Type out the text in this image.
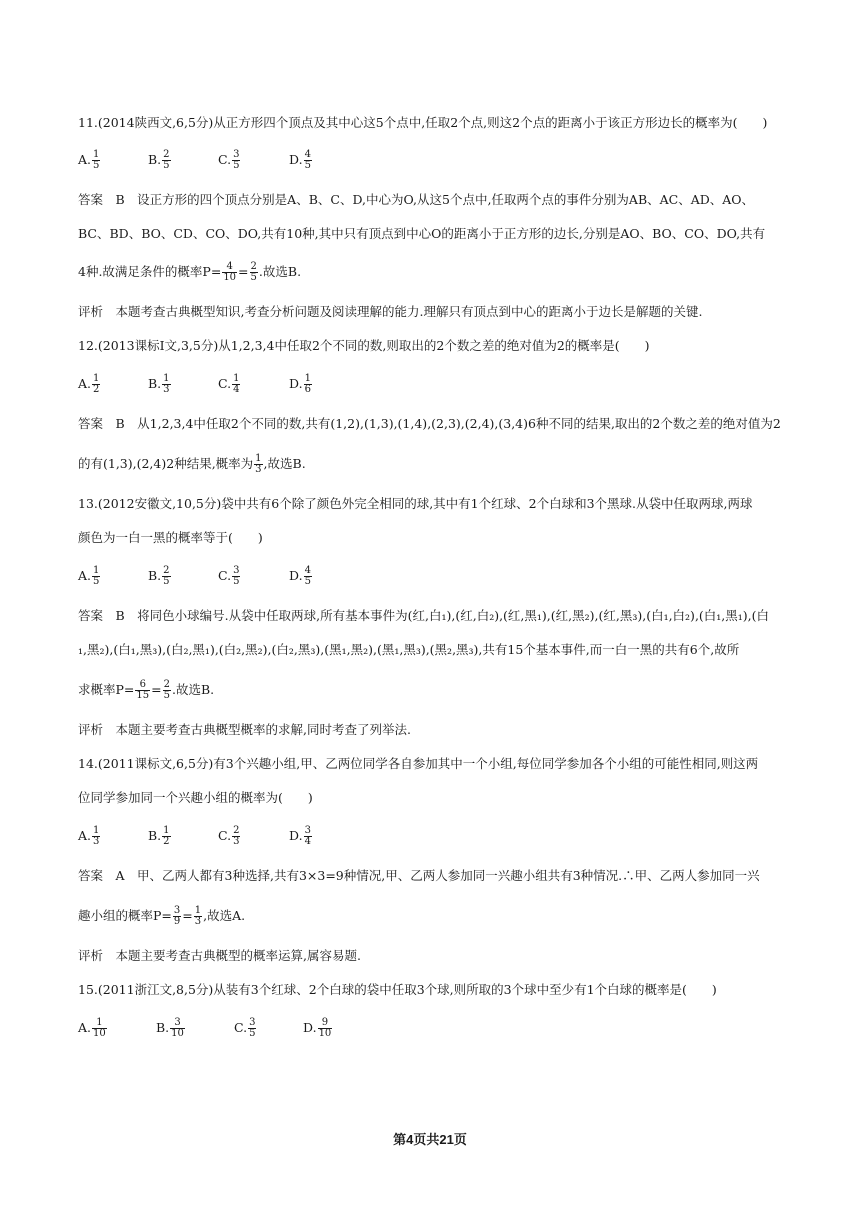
11.(2014陕西文,6,5分)从正方形四个顶点及其中心这5个点中,任取2个点,则这2个点的距离小于该正方形边长的概率为(　　)
A. $\frac{1}{5}$	B. $\frac{2}{5}$	C. $\frac{3}{5}$	D. $\frac{4}{5}$
答案　B　设正方形的四个顶点分别是A、B、C、D,中心为O,从这5个点中,任取两个点的事件分别为AB、AC、AD、AO、
BC、BD、BO、CD、CO、DO,共有10种,其中只有顶点到中心O的距离小于正方形的边长,分别是AO、BO、CO、DO,共有
4种.故满足条件的概率$P= \frac{4}{10} = \frac{2}{5}$ .故选B.
评析　本题考查古典概型知识,考查分析问题及阅读理解的能力.理解只有顶点到中心的距离小于边长是解题的关键.
12.(2013课标Ⅰ文,3,5分)从1,2,3,4中任取2个不同的数,则取出的2个数之差的绝对值为2的概率是(　　)
A. $\frac{1}{2}$	B. $\frac{1}{3}$	C. $\frac{1}{4}$	D. $\frac{1}{6}$
答案　B　从1,2,3,4中任取2个不同的数,共有(1,2),(1,3),(1,4),(2,3),(2,4),(3,4)6种不同的结果,取出的2个数之差的绝对值为2
的有(1,3),(2,4)2种结果,概率为 $\frac{1}{3}$ ,故选B.
13.(2012安徽文,10,5分)袋中共有6个除了颜色外完全相同的球,其中有1个红球、2个白球和3个黑球.从袋中任取两球,两球
颜色为一白一黑的概率等于(　　)
A. $\frac{1}{5}$	B. $\frac{2}{5}$	C. $\frac{3}{5}$	D. $\frac{4}{5}$
答案　B　将同色小球编号.从袋中任取两球,所有基本事件为(红,白₁),(红,白₂),(红,黑₁),(红,黑₂),(红,黑₃),(白₁,白₂),(白₁,黑₁),(白
₁,黑₂),(白₁,黑₃),(白₂,黑₁),(白₂,黑₂),(白₂,黑₃),(黑₁,黑₂),(黑₁,黑₃),(黑₂,黑₃),共有15个基本事件,而一白一黑的共有6个,故所
求概率$P= \frac{6}{15} = \frac{2}{5}$ .故选B.
评析　本题主要考查古典概型概率的求解,同时考查了列举法.
14.(2011课标文,6,5分)有3个兴趣小组,甲、乙两位同学各自参加其中一个小组,每位同学参加各个小组的可能性相同,则这两
位同学参加同一个兴趣小组的概率为(　　)
A. $\frac{1}{3}$	B. $\frac{1}{2}$	C. $\frac{2}{3}$	D. $\frac{3}{4}$
答案　A　甲、乙两人都有3种选择,共有3×3=9种情况,甲、乙两人参加同一兴趣小组共有3种情况.∴甲、乙两人参加同一兴
趣小组的概率$P= \frac{3}{9} = \frac{1}{3}$ ,故选A.
评析　本题主要考查古典概型的概率运算,属容易题.
15.(2011浙江文,8,5分)从装有3个红球、2个白球的袋中任取3个球,则所取的3个球中至少有1个白球的概率是(　　)
A. $\frac{1}{10}$	B. $\frac{3}{10}$	C. $\frac{3}{5}$	D. $\frac{9}{10}$
第4页共21页
